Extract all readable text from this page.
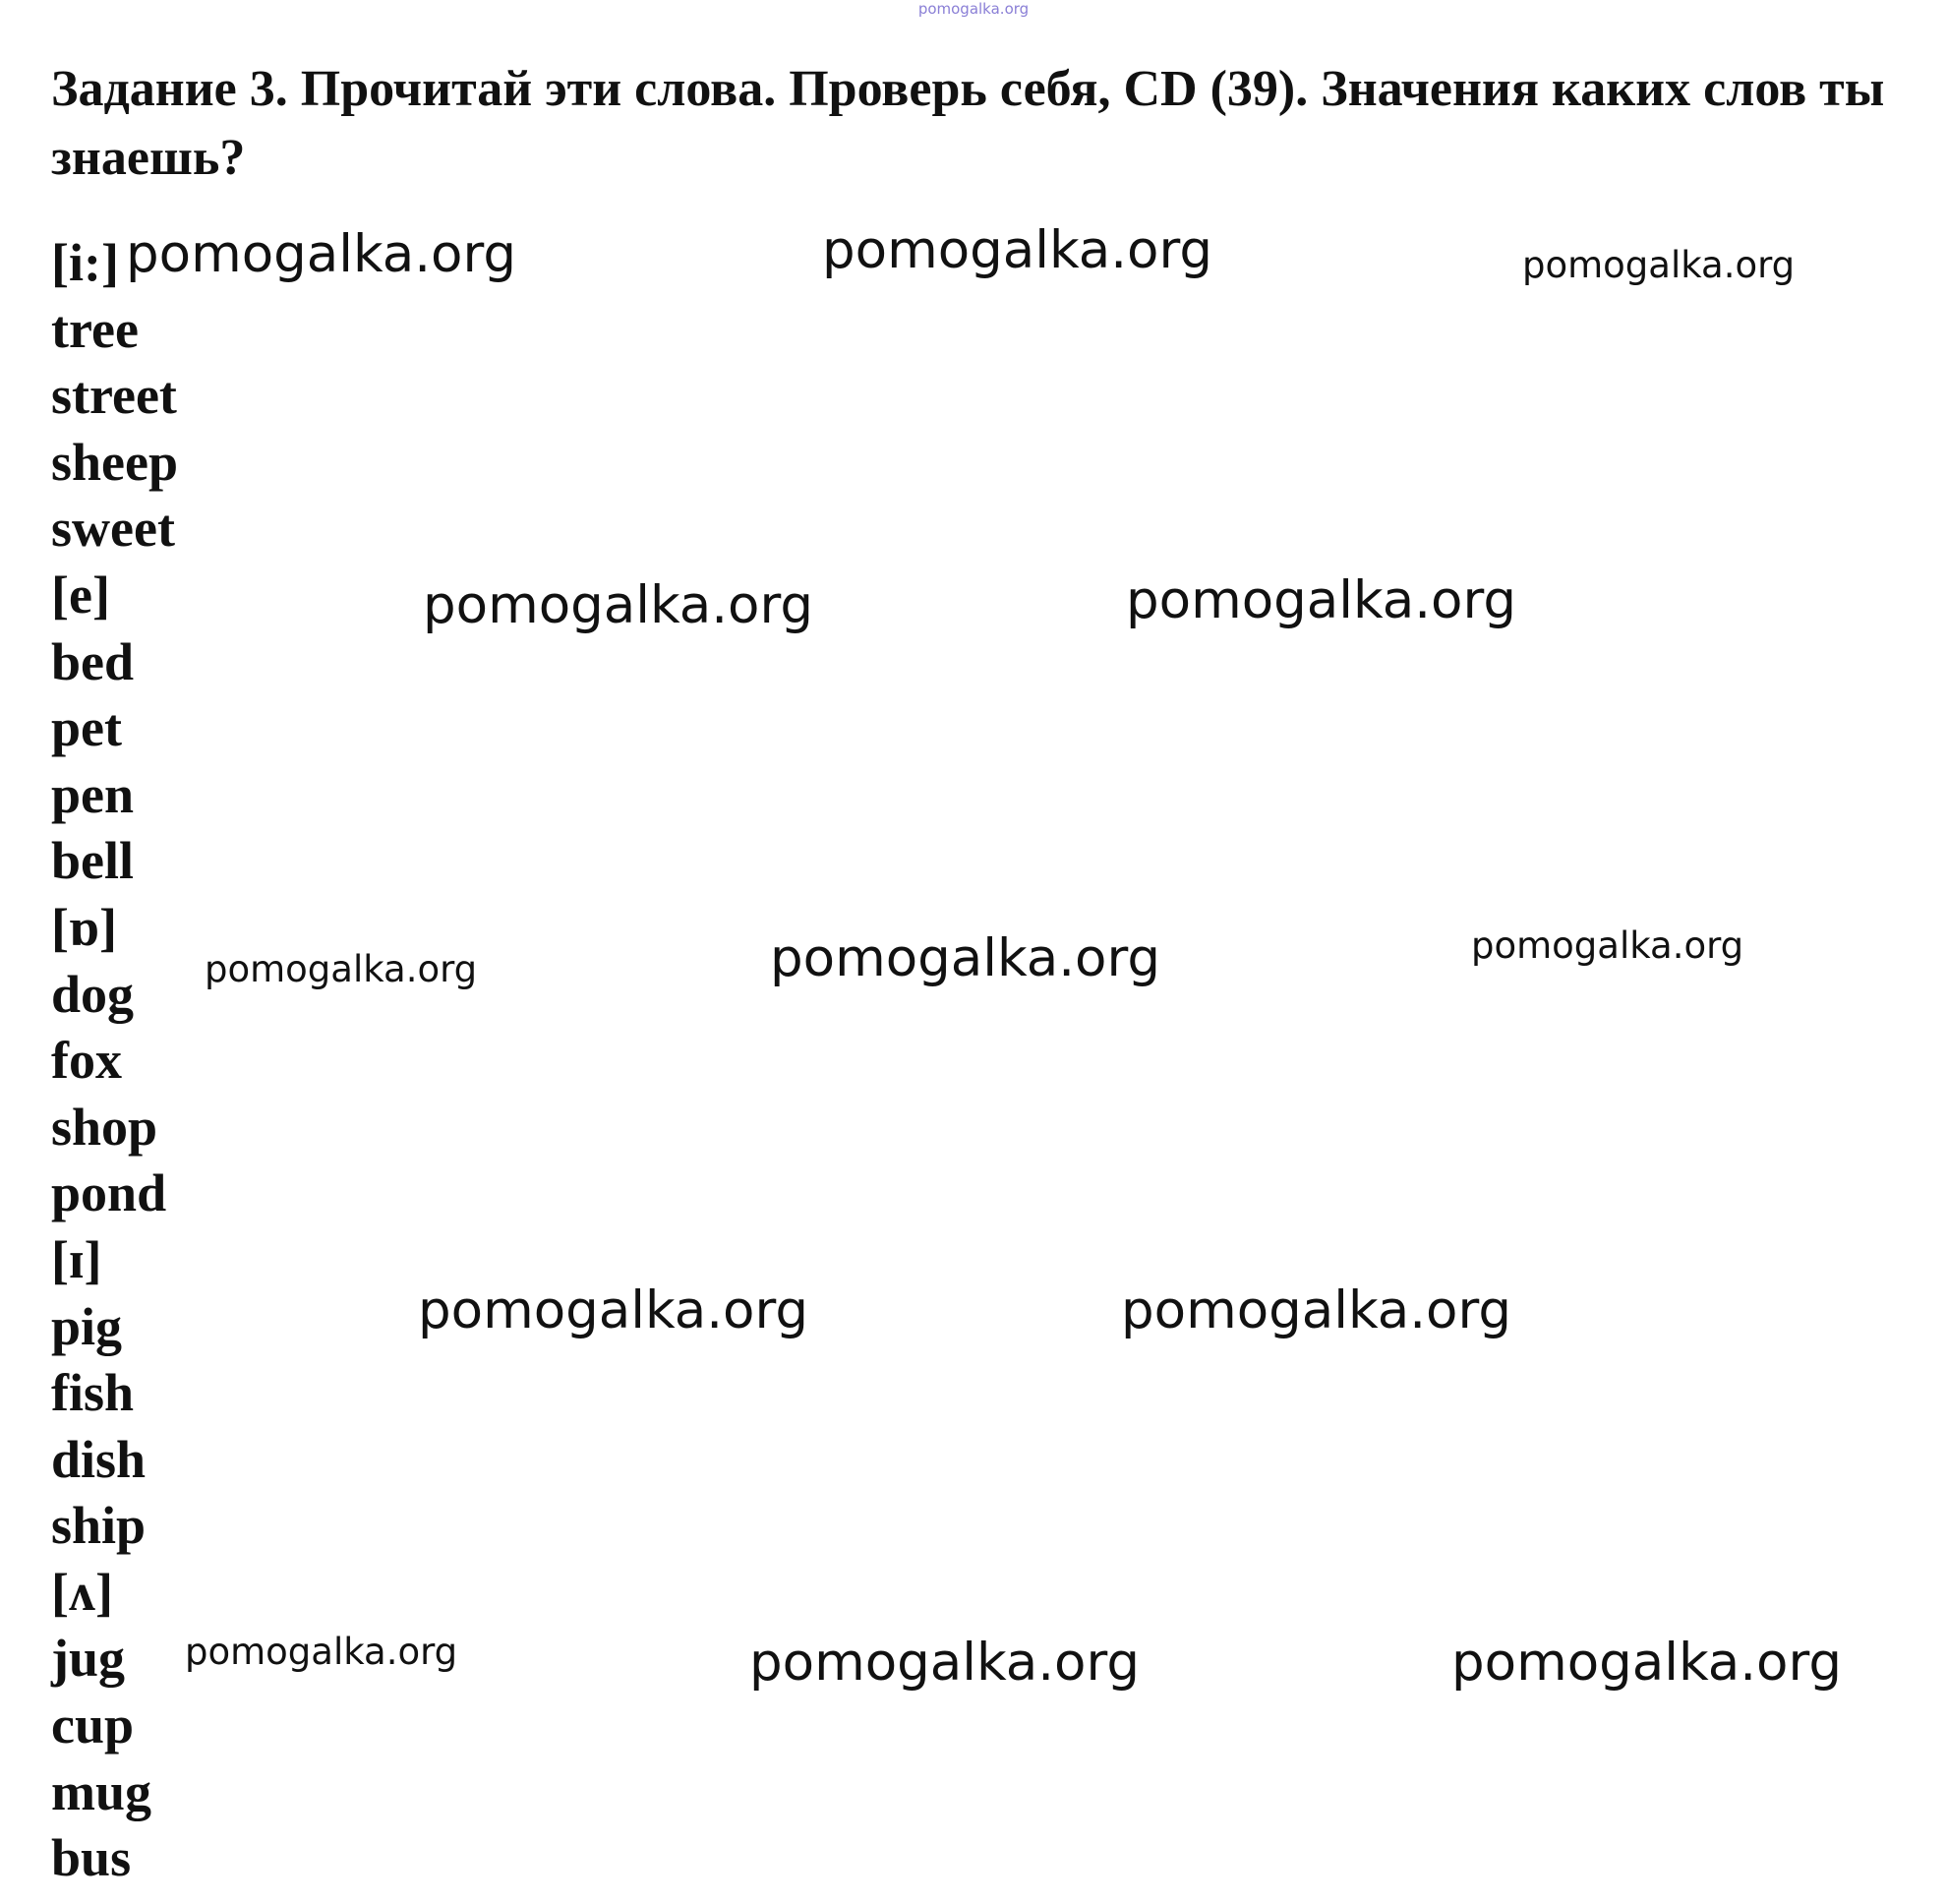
pomogalka.org
Задание 3. Прочитай эти слова. Проверь себя, CD (39). Значения каких слов ты знаешь?
[i:]
tree
street
sheep
sweet
[e]
bed
pet
pen
bell
[ɒ]
dog
fox
shop
pond
[ɪ]
pig
fish
dish
ship
[ʌ]
jug
cup
mug
bus
pomogalka.org	pomogalka.org	pomogalka.org
pomogalka.org	pomogalka.org
pomogalka.org	pomogalka.org	pomogalka.org
pomogalka.org	pomogalka.org
pomogalka.org	pomogalka.org	pomogalka.org
